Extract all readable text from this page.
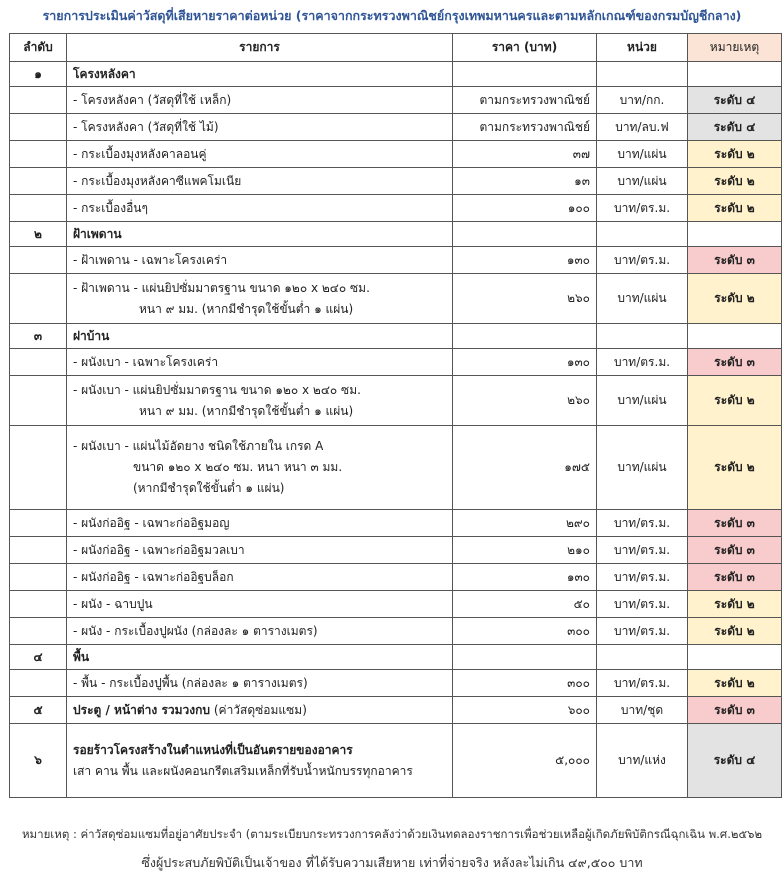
รายการประเมินค่าวัสดุที่เสียหายราคาต่อหน่วย (ราคาจากกระทรวงพาณิชย์กรุงเทพมหานครและตามหลักเกณฑ์ของกรมบัญชีกลาง)
ลำดับ	รายการ	ราคา (บาท)	หน่วย	หมายเหตุ
๑	โครงหลังคา			
	- โครงหลังคา (วัสดุที่ใช้ เหล็ก)	ตามกระทรวงพาณิชย์	บาท/กก.	ระดับ ๔
	- โครงหลังคา (วัสดุที่ใช้ ไม้)	ตามกระทรวงพาณิชย์	บาท/ลบ.ฟ	ระดับ ๔
	- กระเบื้องมุงหลังคาลอนคู่	๓๗	บาท/แผ่น	ระดับ ๒
	- กระเบื้องมุงหลังคาซีแพคโมเนีย	๑๓	บาท/แผ่น	ระดับ ๒
	- กระเบื้องอื่นๆ	๑๐๐	บาท/ตร.ม.	ระดับ ๒
๒	ฝ้าเพดาน			
	- ฝ้าเพดาน - เฉพาะโครงเคร่า	๑๓๐	บาท/ตร.ม.	ระดับ ๓

	- ฝ้าเพดาน - แผ่นยิปซั่มมาตรฐาน ขนาด ๑๒๐ x ๒๔๐ ซม.
หนา ๙ มม. (หากมีชำรุดใช้ขั้นต่ำ ๑ แผ่น)	๒๖๐	บาท/แผ่น	ระดับ ๒
๓	ฝาบ้าน			
	- ผนังเบา - เฉพาะโครงเคร่า	๑๓๐	บาท/ตร.ม.	ระดับ ๓

	- ผนังเบา - แผ่นยิปซั่มมาตรฐาน ขนาด ๑๒๐ x ๒๔๐ ซม.
หนา ๙ มม. (หากมีชำรุดใช้ขั้นต่ำ ๑ แผ่น)	๒๖๐	บาท/แผ่น	ระดับ ๒

	- ผนังเบา - แผ่นไม้อัดยาง ชนิดใช้ภายใน เกรด A
ขนาด ๑๒๐ x ๒๔๐ ซม. หนา หนา ๓ มม.
(หากมีชำรุดใช้ขั้นต่ำ ๑ แผ่น)	๑๗๕	บาท/แผ่น	ระดับ ๒
	- ผนังก่ออิฐ - เฉพาะก่ออิฐมอญ	๒๙๐	บาท/ตร.ม.	ระดับ ๓
	- ผนังก่ออิฐ - เฉพาะก่ออิฐมวลเบา	๒๑๐	บาท/ตร.ม.	ระดับ ๓
	- ผนังก่ออิฐ - เฉพาะก่ออิฐบล็อก	๑๓๐	บาท/ตร.ม.	ระดับ ๓
	- ผนัง - ฉาบปูน	๕๐	บาท/ตร.ม.	ระดับ ๒
	- ผนัง - กระเบื้องปูผนัง (กล่องละ ๑ ตารางเมตร)	๓๐๐	บาท/ตร.ม.	ระดับ ๒
๔	พื้น			
	- พื้น - กระเบื้องปูพื้น (กล่องละ ๑ ตารางเมตร)	๓๐๐	บาท/ตร.ม.	ระดับ ๒
๕	ประตู / หน้าต่าง รวมวงกบ (ค่าวัสดุซ่อมแซม)	๖๐๐	บาท/ชุด	ระดับ ๓
๖	รอยร้าวโครงสร้างในตำแหน่งที่เป็นอันตรายของอาคาร
เสา คาน พื้น และผนังคอนกรีตเสริมเหล็กที่รับน้ำหนักบรรทุกอาคาร	๕,๐๐๐	บาท/แห่ง	ระดับ ๔
หมายเหตุ : ค่าวัสดุซ่อมแซมที่อยู่อาศัยประจำ (ตามระเบียบกระทรวงการคลังว่าด้วยเงินทดลองราชการเพื่อช่วยเหลือผู้เกิดภัยพิบัติกรณีฉุกเฉิน พ.ศ.๒๕๖๒
ซึ่งผู้ประสบภัยพิบัติเป็นเจ้าของ ที่ได้รับความเสียหาย เท่าที่จ่ายจริง หลังละไม่เกิน ๔๙,๕๐๐ บาท
